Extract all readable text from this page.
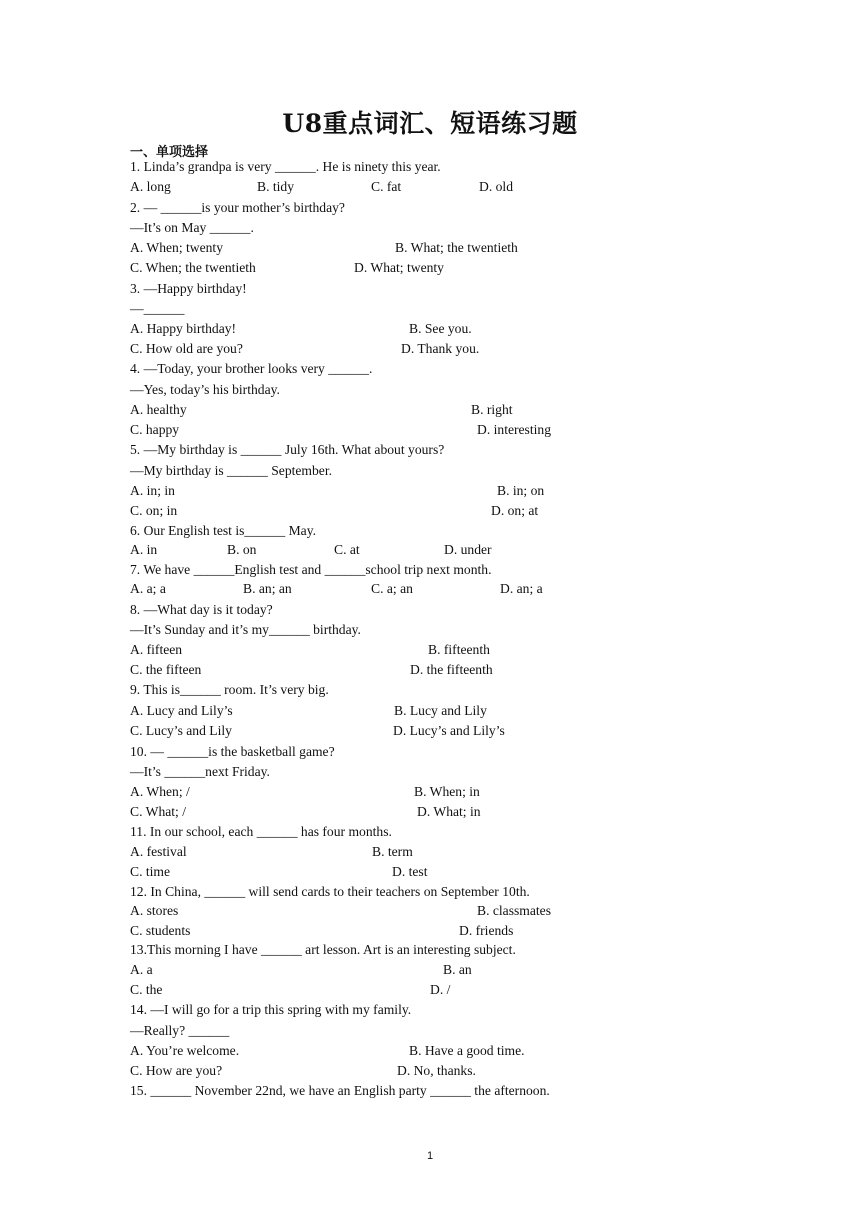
U8重点词汇、短语练习题
一、单项选择
1. Linda’s grandpa is very ______. He is ninety this year.
A. long	B. tidy	C. fat	D. old
2. — ______is your mother’s birthday?
—It’s on May ______.
A. When; twenty	B. What; the twentieth
C. When; the twentieth	D. What; twenty
3. —Happy birthday!
—______
A. Happy birthday!	B. See you.
C. How old are you?	D. Thank you.
4. —Today, your brother looks very ______.
—Yes, today’s his birthday.
A. healthy	B. right
C. happy	D. interesting
5. —My birthday is ______ July 16th. What about yours?
—My birthday is ______ September.
A. in; in	B. in; on
C. on; in	D. on; at
6. Our English test is______ May.
A. in	B. on	C. at	D. under
7. We have ______English test and ______school trip next month.
A. a; a	B. an; an	C. a; an	D. an; a
8. —What day is it today?
—It’s Sunday and it’s my______ birthday.
A. fifteen	B. fifteenth
C. the fifteen	D. the fifteenth
9. This is______ room. It’s very big.
A. Lucy and Lily’s	B. Lucy and Lily
C. Lucy’s and Lily	D. Lucy’s and Lily’s
10. — ______is the basketball game?
—It’s ______next Friday.
A. When; /	B. When; in
C. What; /	D. What; in
11. In our school, each ______ has four months.
A. festival	B. term
C. time	D. test
12. In China, ______ will send cards to their teachers on September 10th.
A. stores	B. classmates
C. students	D. friends
13.This morning I have ______ art lesson. Art is an interesting subject.
A. a	B. an
C. the	D. /
14. —I will go for a trip this spring with my family.
—Really? ______
A. You’re welcome.	B. Have a good time.
C. How are you?	D. No, thanks.
15. ______ November 22nd, we have an English party ______ the afternoon.
1
